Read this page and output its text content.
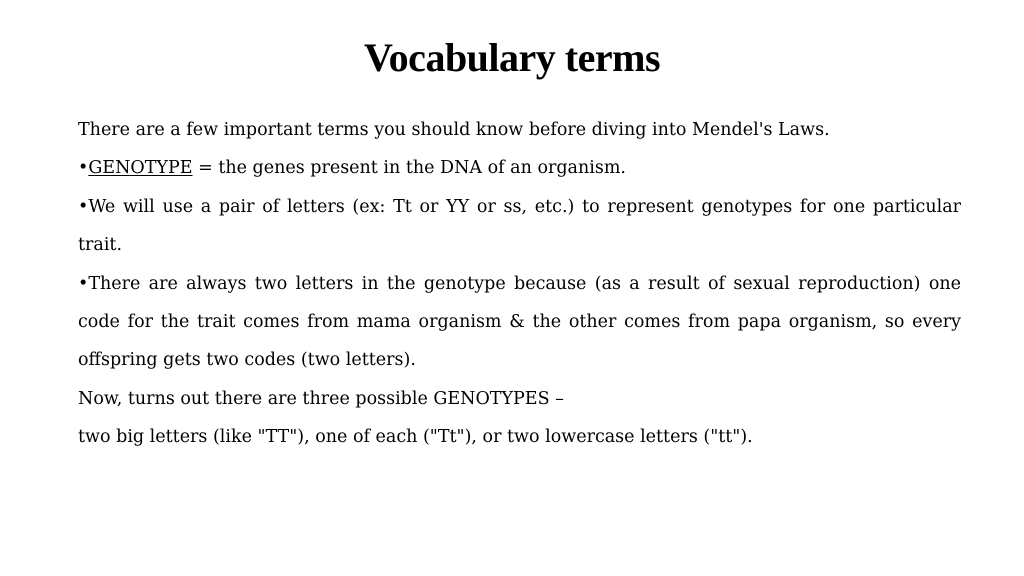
Vocabulary terms

There are a few important terms you should know before diving into Mendel's Laws.

•GENOTYPE = the genes present in the DNA of an organism.

•We will use a pair of letters (ex: Tt or YY or ss, etc.) to represent genotypes for one particular trait.

•There are always two letters in the genotype because (as a result of sexual reproduction) one code for the trait comes from mama organism & the other comes from papa organism, so every offspring gets two codes (two letters).

Now, turns out there are three possible GENOTYPES –

two big letters (like "TT"), one of each ("Tt"), or two lowercase letters ("tt").
